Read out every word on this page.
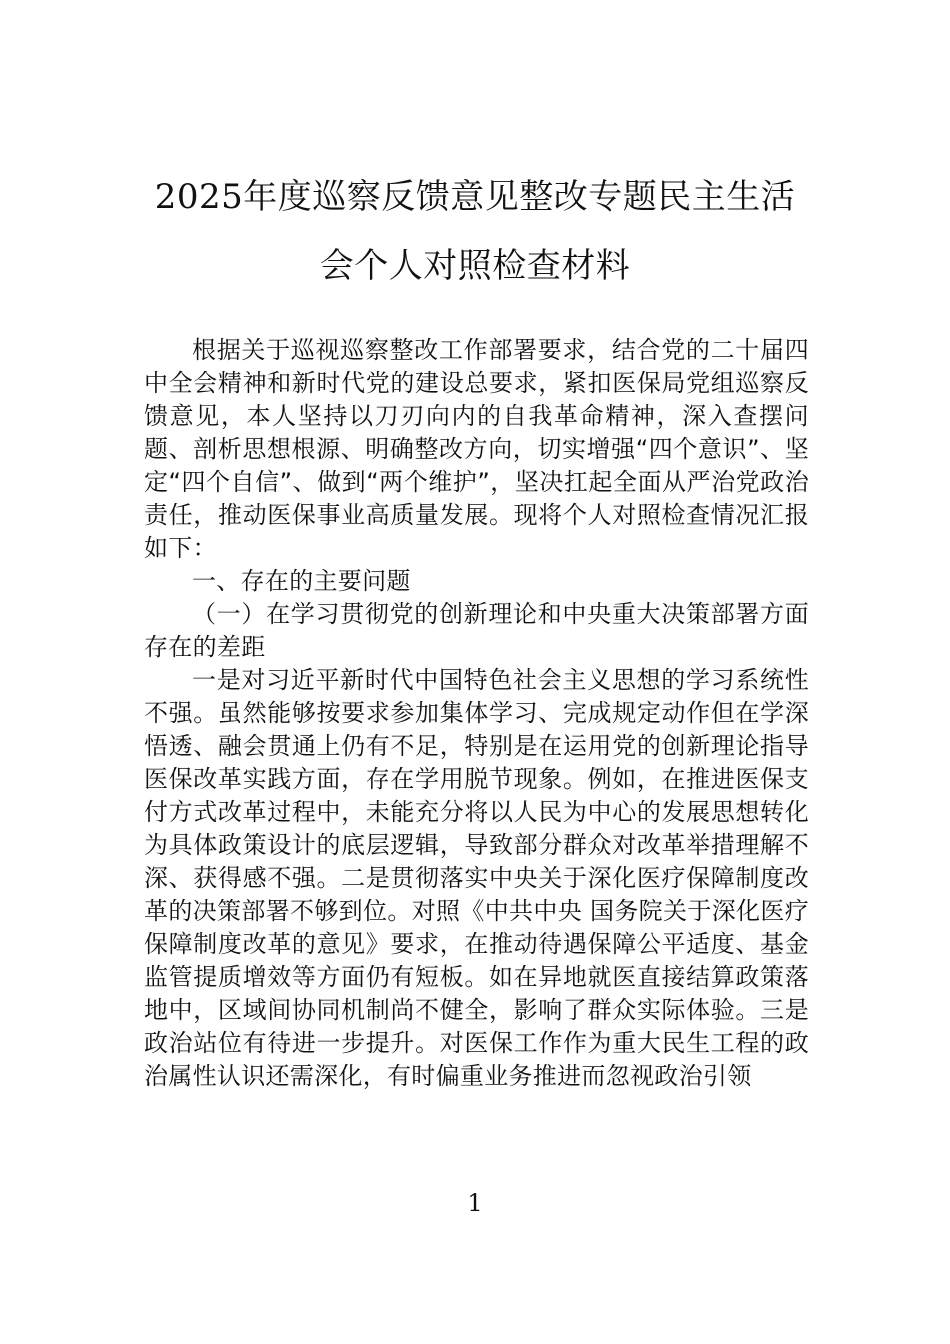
2025年度巡察反馈意见整改专题民主生活
会个人对照检查材料

根据关于巡视巡察整改工作部署要求，结合党的二十届四中全会精神和新时代党的建设总要求，紧扣医保局党组巡察反馈意见，本人坚持以刀刃向内的自我革命精神，深入查摆问题、剖析思想根源、明确整改方向，切实增强“四个意识”、坚定“四个自信”、做到“两个维护”，坚决扛起全面从严治党政治责任，推动医保事业高质量发展。现将个人对照检查情况汇报如下：

一、存在的主要问题

（一）在学习贯彻党的创新理论和中央重大决策部署方面存在的差距

一是对习近平新时代中国特色社会主义思想的学习系统性不强。虽然能够按要求参加集体学习、完成规定动作但在学深悟透、融会贯通上仍有不足，特别是在运用党的创新理论指导医保改革实践方面，存在学用脱节现象。例如，在推进医保支付方式改革过程中，未能充分将以人民为中心的发展思想转化为具体政策设计的底层逻辑，导致部分群众对改革举措理解不深、获得感不强。二是贯彻落实中央关于深化医疗保障制度改革的决策部署不够到位。对照《中共中央 国务院关于深化医疗保障制度改革的意见》要求，在推动待遇保障公平适度、基金监管提质增效等方面仍有短板。如在异地就医直接结算政策落地中，区域间协同机制尚不健全，影响了群众实际体验。三是政治站位有待进一步提升。对医保工作作为重大民生工程的政治属性认识还需深化，有时偏重业务推进而忽视政治引领

1
